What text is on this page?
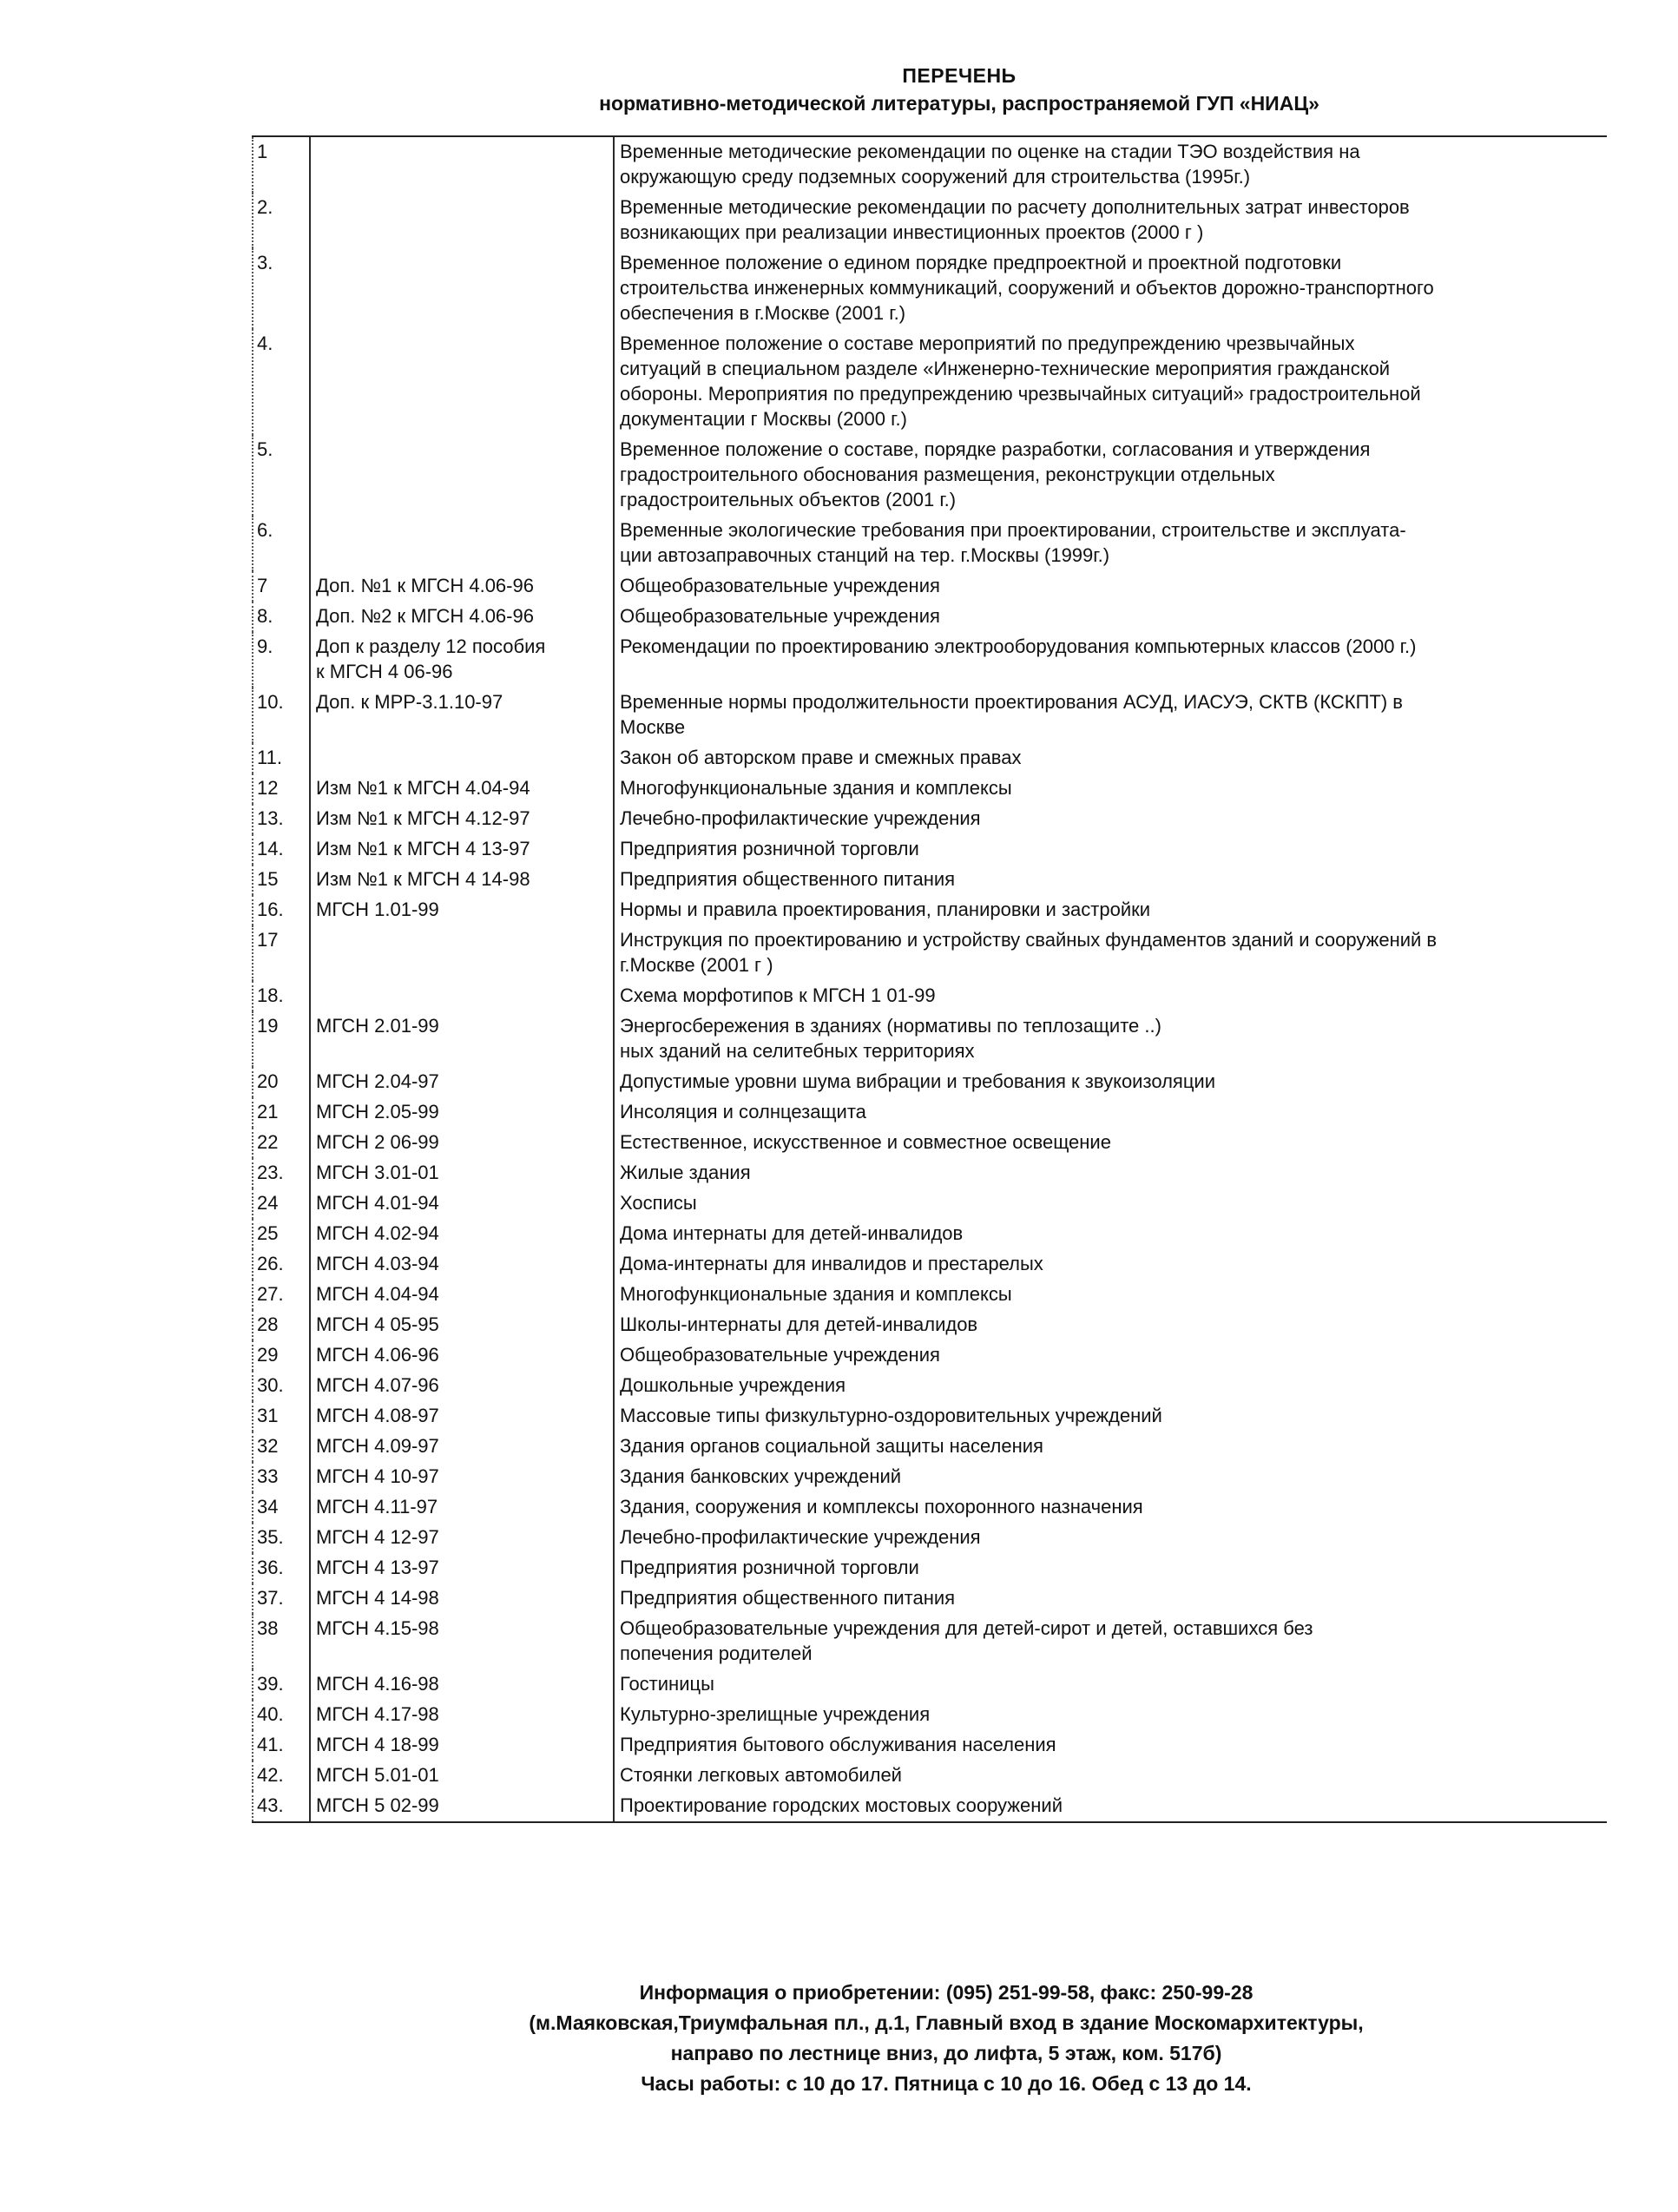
ПЕРЕЧЕНЬ
нормативно-методической литературы, распространяемой ГУП «НИАЦ»
1		Временные методические рекомендации по оценке на стадии ТЭО воздействия на
окружающую среду подземных сооружений для строительства (1995г.)
2.		Временные методические рекомендации по расчету дополнительных затрат инвесторов
возникающих при реализации инвестиционных проектов (2000 г )
3.		Временное положение о едином порядке предпроектной и проектной подготовки
строительства инженерных коммуникаций, сооружений и объектов дорожно-транспортного
обеспечения в г.Москве (2001 г.)
4.		Временное положение о составе мероприятий по предупреждению чрезвычайных
ситуаций в специальном разделе «Инженерно-технические мероприятия гражданской
обороны. Мероприятия по предупреждению чрезвычайных ситуаций» градостроительной
документации г Москвы (2000 г.)
5.		Временное положение о составе, порядке разработки, согласования и утверждения
градостроительного обоснования размещения, реконструкции отдельных
градостроительных объектов (2001 г.)
6.		Временные экологические требования при проектировании, строительстве и эксплуата-
ции автозаправочных станций на тер. г.Москвы (1999г.)
7	Доп. №1 к МГСН 4.06-96	Общеобразовательные учреждения
8.	Доп. №2 к МГСН 4.06-96	Общеобразовательные учреждения
9.	Доп к разделу 12 пособия
к МГСН 4 06-96	Рекомендации по проектированию электрооборудования компьютерных классов (2000 г.)
10.	Доп. к МРР-3.1.10-97	Временные нормы продолжительности проектирования АСУД, ИАСУЭ, СКТВ (КСКПТ) в
Москве
11.		Закон об авторском праве и смежных правах
12	Изм №1 к МГСН 4.04-94	Многофункциональные здания и комплексы
13.	Изм №1 к МГСН 4.12-97	Лечебно-профилактические учреждения
14.	Изм №1 к МГСН 4 13-97	Предприятия розничной торговли
15	Изм №1 к МГСН 4 14-98	Предприятия общественного питания
16.	МГСН 1.01-99	Нормы и правила проектирования, планировки и застройки
17		Инструкция по проектированию и устройству свайных фундаментов зданий и сооружений в
г.Москве (2001 г )
18.		Схема морфотипов к МГСН 1 01-99
19	МГСН 2.01-99	Энергосбережения в зданиях (нормативы по теплозащите ..)
ных зданий на селитебных территориях
20	МГСН 2.04-97	Допустимые уровни шума вибрации и требования к звукоизоляции
21	МГСН 2.05-99	Инсоляция и солнцезащита
22	МГСН 2 06-99	Естественное, искусственное и совместное освещение
23.	МГСН 3.01-01	Жилые здания
24	МГСН 4.01-94	Хосписы
25	МГСН 4.02-94	Дома интернаты для детей-инвалидов
26.	МГСН 4.03-94	Дома-интернаты для инвалидов и престарелых
27.	МГСН 4.04-94	Многофункциональные здания и комплексы
28	МГСН 4 05-95	Школы-интернаты для детей-инвалидов
29	МГСН 4.06-96	Общеобразовательные учреждения
30.	МГСН 4.07-96	Дошкольные учреждения
31	МГСН 4.08-97	Массовые типы физкультурно-оздоровительных учреждений
32	МГСН 4.09-97	Здания органов социальной защиты населения
33	МГСН 4 10-97	Здания банковских учреждений
34	МГСН 4.11-97	Здания, сооружения и комплексы похоронного назначения
35.	МГСН 4 12-97	Лечебно-профилактические учреждения
36.	МГСН 4 13-97	Предприятия розничной торговли
37.	МГСН 4 14-98	Предприятия общественного питания
38	МГСН 4.15-98	Общеобразовательные учреждения для детей-сирот и детей, оставшихся без
попечения родителей
39.	МГСН 4.16-98	Гостиницы
40.	МГСН 4.17-98	Культурно-зрелищные учреждения
41.	МГСН 4 18-99	Предприятия бытового обслуживания населения
42.	МГСН 5.01-01	Стоянки легковых автомобилей
43.	МГСН 5 02-99	Проектирование городских мостовых сооружений
Информация о приобретении: (095) 251-99-58, факс: 250-99-28
(м.Маяковская,Триумфальная пл., д.1, Главный вход в здание Москомархитектуры,
направо по лестнице вниз, до лифта, 5 этаж, ком. 517б)
Часы работы: с 10 до 17. Пятница с 10 до 16. Обед с 13 до 14.
